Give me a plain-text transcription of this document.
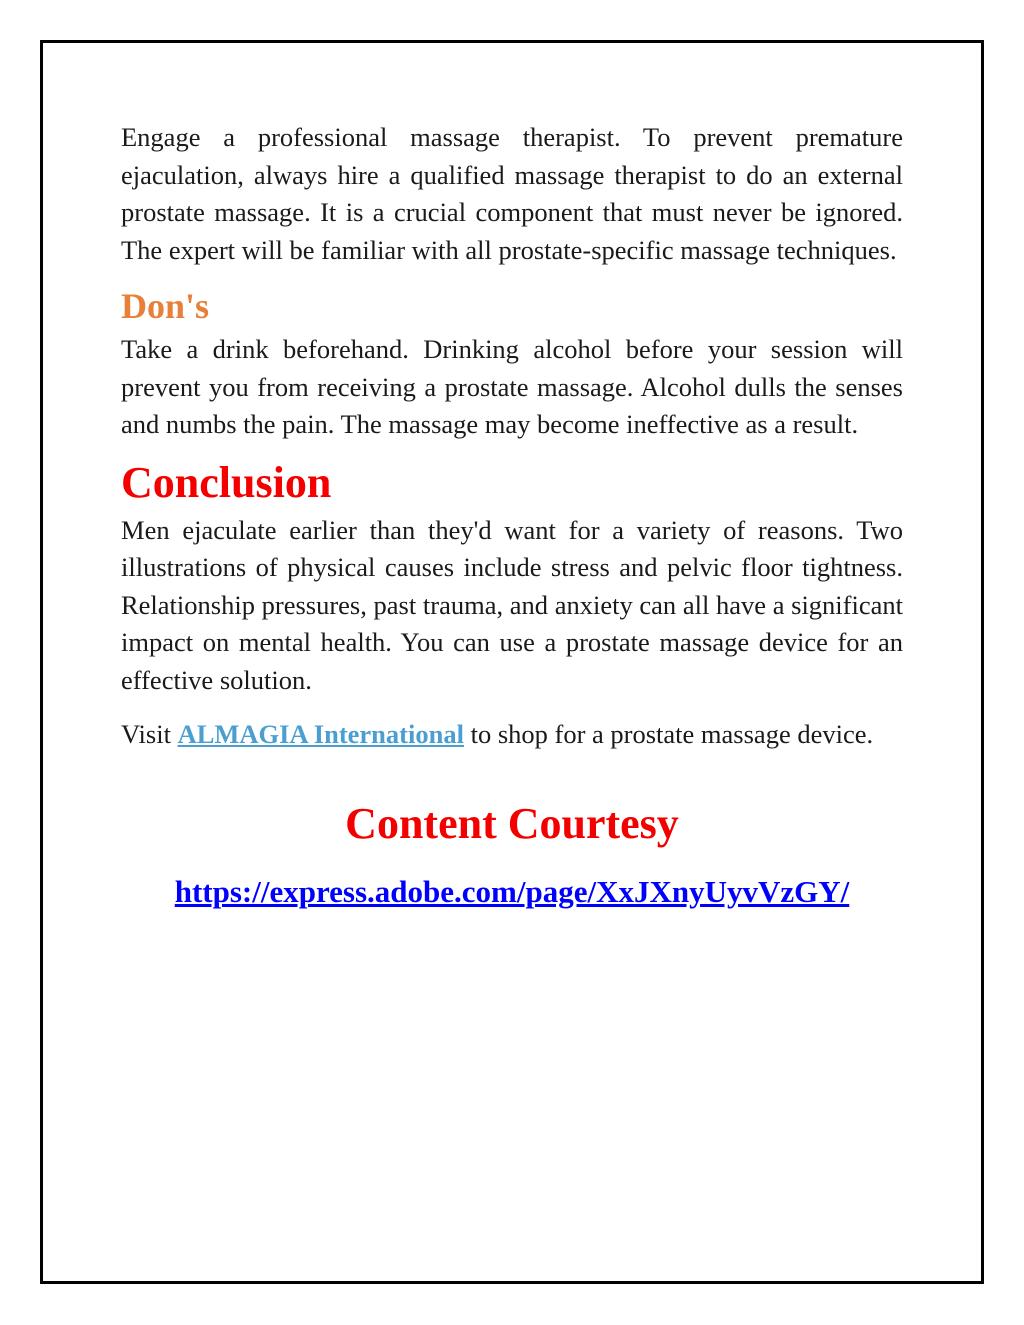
Engage a professional massage therapist. To prevent premature ejaculation, always hire a qualified massage therapist to do an external prostate massage. It is a crucial component that must never be ignored. The expert will be familiar with all prostate-specific massage techniques.

Don's

Take a drink beforehand. Drinking alcohol before your session will prevent you from receiving a prostate massage. Alcohol dulls the senses and numbs the pain. The massage may become ineffective as a result.

Conclusion

Men ejaculate earlier than they'd want for a variety of reasons. Two illustrations of physical causes include stress and pelvic floor tightness. Relationship pressures, past trauma, and anxiety can all have a significant impact on mental health. You can use a prostate massage device for an effective solution.

Visit ALMAGIA International to shop for a prostate massage device.

Content Courtesy
https://express.adobe.com/page/XxJXnyUyvVzGY/
